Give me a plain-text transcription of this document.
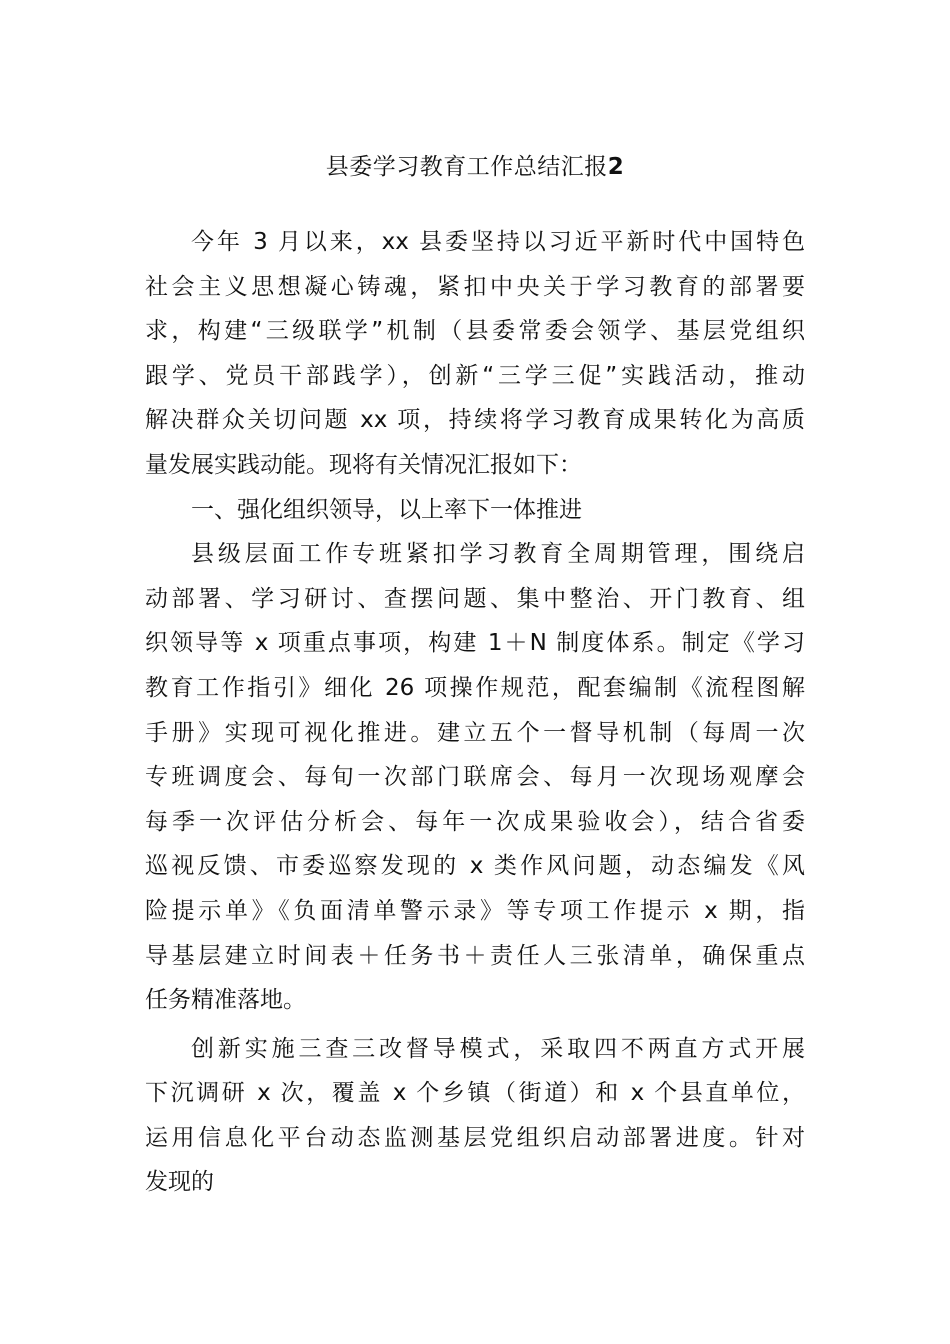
县委学习教育工作总结汇报2
今年 3 月以来，xx 县委坚持以习近平新时代中国特色
社会主义思想凝心铸魂，紧扣中央关于学习教育的部署要
求，构建“三级联学”机制（县委常委会领学、基层党组织
跟学、党员干部践学），创新“三学三促”实践活动，推动
解决群众关切问题 xx 项，持续将学习教育成果转化为高质
量发展实践动能。现将有关情况汇报如下：
一、强化组织领导，以上率下一体推进
县级层面工作专班紧扣学习教育全周期管理，围绕启
动部署、学习研讨、查摆问题、集中整治、开门教育、组
织领导等 x 项重点事项，构建 1＋N 制度体系。制定《学习
教育工作指引》细化 26 项操作规范，配套编制《流程图解
手册》实现可视化推进。建立五个一督导机制（每周一次
专班调度会、每旬一次部门联席会、每月一次现场观摩会
每季一次评估分析会、每年一次成果验收会），结合省委
巡视反馈、市委巡察发现的 x 类作风问题，动态编发《风
险提示单》《负面清单警示录》等专项工作提示 x 期，指
导基层建立时间表＋任务书＋责任人三张清单，确保重点
任务精准落地。
创新实施三查三改督导模式，采取四不两直方式开展
下沉调研 x 次，覆盖 x 个乡镇（街道）和 x 个县直单位，
运用信息化平台动态监测基层党组织启动部署进度。针对
发现的
